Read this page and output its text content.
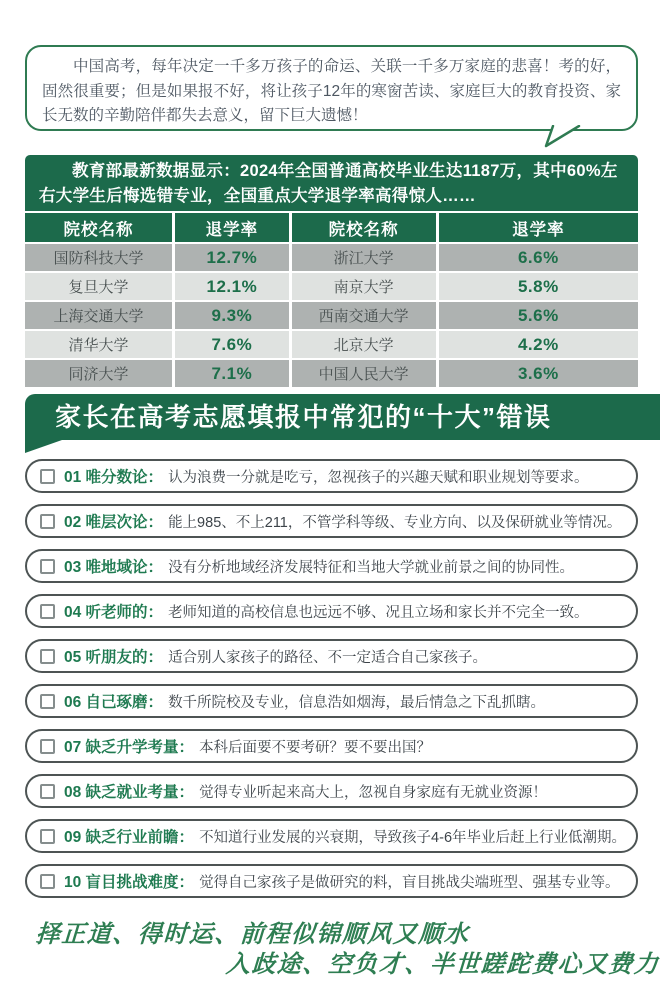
中国高考，每年决定一千多万孩子的命运、关联一千多万家庭的悲喜！考的好，固然很重要；但是如果报不好，将让孩子12年的寒窗苦读、家庭巨大的教育投资、家长无数的辛勤陪伴都失去意义，留下巨大遗憾！

教育部最新数据显示：2024年全国普通高校毕业生达1187万，其中60%左右大学生后悔选错专业，全国重点大学退学率高得惊人……
院校名称	退学率	院校名称	退学率
国防科技大学	12.7%	浙江大学	6.6%
复旦大学	12.1%	南京大学	5.8%
上海交通大学	9.3%	西南交通大学	5.6%
清华大学	7.6%	北京大学	4.2%
同济大学	7.1%	中国人民大学	3.6%
家长在高考志愿填报中常犯的“十大”错误
01 唯分数论： 认为浪费一分就是吃亏，忽视孩子的兴趣天赋和职业规划等要求。
02 唯层次论： 能上985、不上211，不管学科等级、专业方向、以及保研就业等情况。
03 唯地域论： 没有分析地域经济发展特征和当地大学就业前景之间的协同性。
04 听老师的： 老师知道的高校信息也远远不够、况且立场和家长并不完全一致。
05 听朋友的： 适合别人家孩子的路径、不一定适合自己家孩子。
06 自己琢磨： 数千所院校及专业，信息浩如烟海，最后情急之下乱抓瞎。
07 缺乏升学考量： 本科后面要不要考研？要不要出国？
08 缺乏就业考量： 觉得专业听起来高大上，忽视自身家庭有无就业资源！
09 缺乏行业前瞻： 不知道行业发展的兴衰期，导致孩子4-6年毕业后赶上行业低潮期。
10 盲目挑战难度： 觉得自己家孩子是做研究的料，盲目挑战尖端班型、强基专业等。
择正道、得时运、前程似锦顺风又顺水
入歧途、空负才、半世蹉跎费心又费力
